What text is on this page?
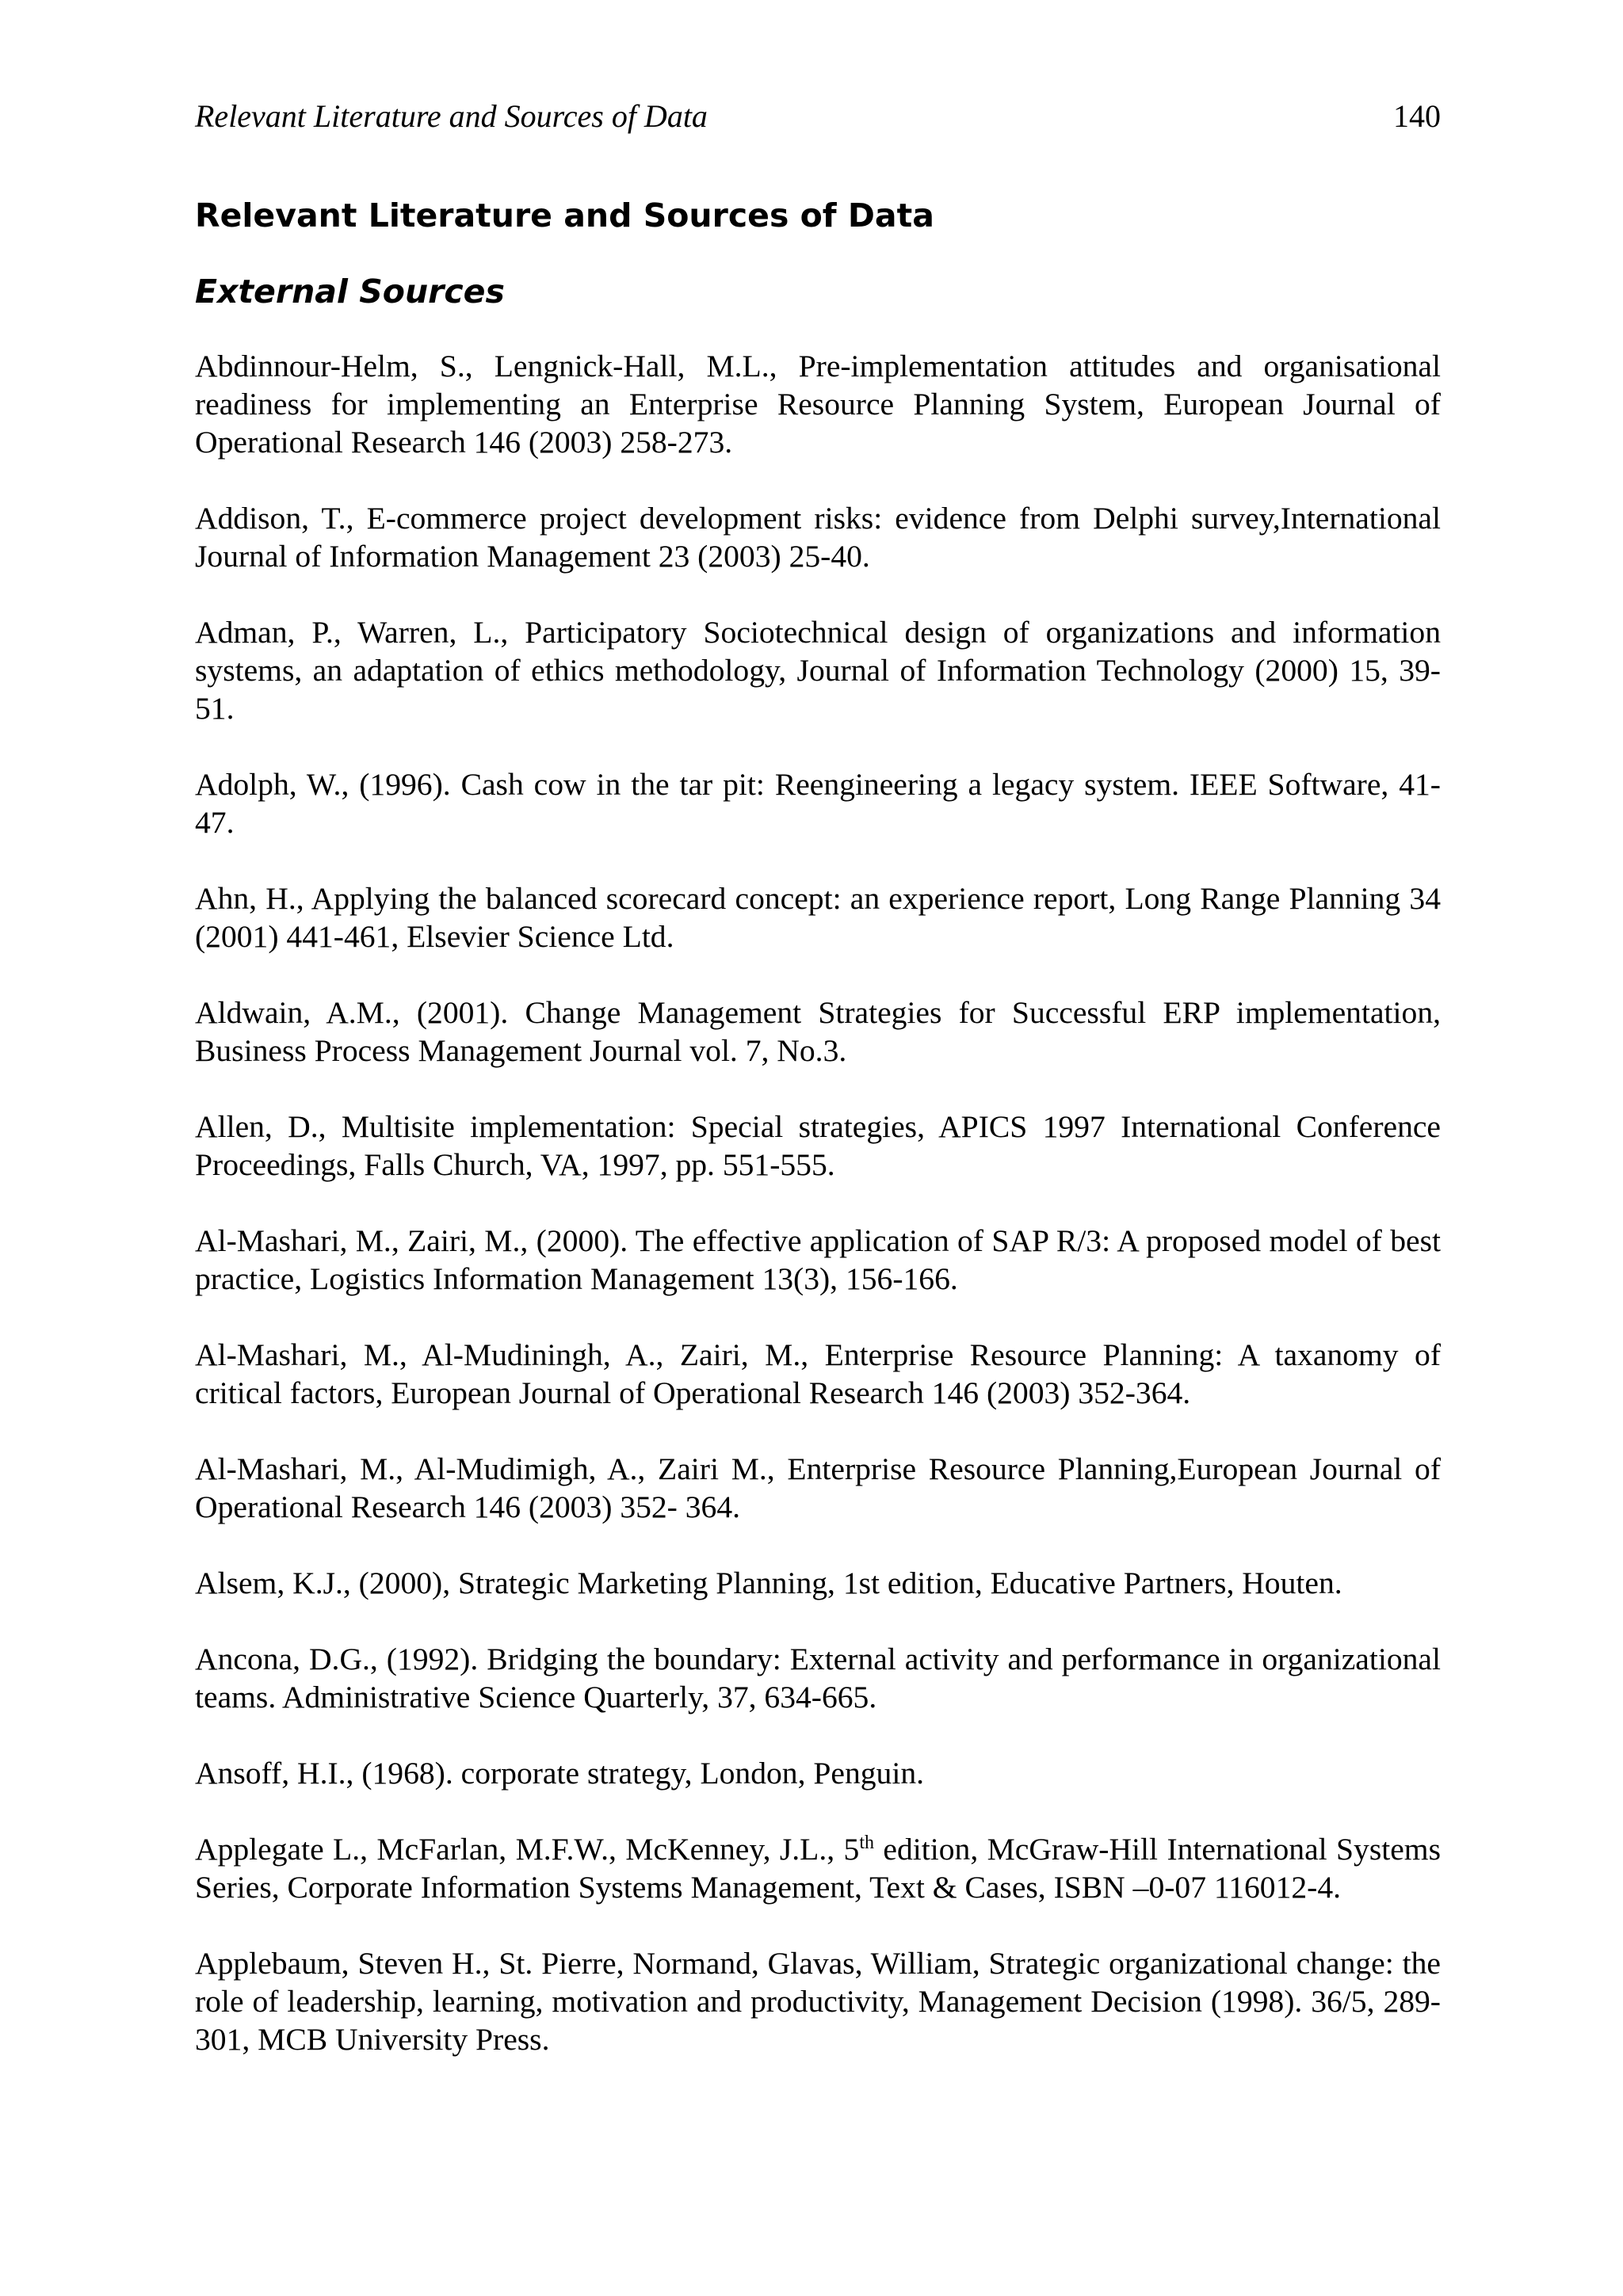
Relevant Literature and Sources of Data	140
Relevant Literature and Sources of Data
External Sources
Abdinnour-Helm, S., Lengnick-Hall, M.L., Pre-implementation attitudes and organisational readiness for implementing an Enterprise Resource Planning System, European Journal of Operational Research 146 (2003) 258-273.
Addison, T., E-commerce project development risks: evidence from Delphi survey,International Journal of Information Management 23 (2003) 25-40.
Adman, P., Warren, L., Participatory Sociotechnical design of organizations and information systems, an adaptation of ethics methodology, Journal of Information Technology (2000) 15, 39-51.
Adolph, W., (1996). Cash cow in the tar pit: Reengineering a legacy system. IEEE Software, 41-47.
Ahn, H., Applying the balanced scorecard concept: an experience report, Long Range Planning 34 (2001) 441-461, Elsevier Science Ltd.
Aldwain, A.M., (2001). Change Management Strategies for Successful ERP implementation, Business Process Management Journal vol. 7, No.3.
Allen, D., Multisite implementation: Special strategies, APICS 1997 International Conference Proceedings, Falls Church, VA, 1997, pp. 551-555.
Al-Mashari, M., Zairi, M., (2000). The effective application of SAP R/3: A proposed model of best practice, Logistics Information Management 13(3), 156-166.
Al-Mashari, M., Al-Mudiningh, A., Zairi, M., Enterprise Resource Planning: A taxanomy of critical factors, European Journal of Operational Research 146 (2003) 352-364.
Al-Mashari, M., Al-Mudimigh, A., Zairi M., Enterprise Resource Planning,European Journal of Operational Research 146 (2003) 352- 364.
Alsem, K.J., (2000), Strategic Marketing Planning, 1st edition, Educative Partners, Houten.
Ancona, D.G., (1992). Bridging the boundary: External activity and performance in organizational teams. Administrative Science Quarterly, 37, 634-665.
Ansoff, H.I., (1968). corporate strategy, London, Penguin.
Applegate L., McFarlan, M.F.W., McKenney, J.L., 5th edition, McGraw-Hill International Systems Series, Corporate Information Systems Management, Text & Cases, ISBN –0-07 116012-4.
Applebaum, Steven H., St. Pierre, Normand, Glavas, William, Strategic organizational change: the role of leadership, learning, motivation and productivity, Management Decision (1998). 36/5, 289-301, MCB University Press.
